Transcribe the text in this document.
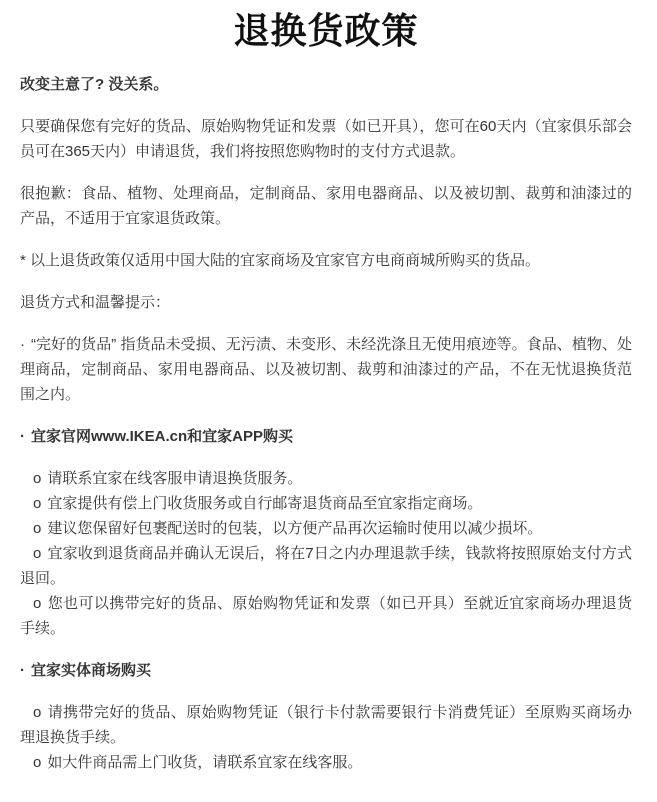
退换货政策

改变主意了? 没关系。

只要确保您有完好的货品、原始购物凭证和发票（如已开具），您可在60天内（宜家俱乐部会员可在365天内）申请退货，我们将按照您购物时的支付方式退款。

很抱歉：食品、植物、处理商品，定制商品、家用电器商品、以及被切割、裁剪和油漆过的产品，不适用于宜家退货政策。

* 以上退货政策仅适用中国大陆的宜家商场及宜家官方电商商城所购买的货品。

退货方式和温馨提示：

· “完好的货品” 指货品未受损、无污渍、未变形、未经洗涤且无使用痕迹等。食品、植物、处理商品，定制商品、家用电器商品、以及被切割、裁剪和油漆过的产品，不在无忧退换货范围之内。

· 宜家官网www.IKEA.cn和宜家APP购买

o 请联系宜家在线客服申请退换货服务。

o 宜家提供有偿上门收货服务或自行邮寄退货商品至宜家指定商场。

o 建议您保留好包裹配送时的包装，以方便产品再次运输时使用以减少损坏。

o 宜家收到退货商品并确认无误后，将在7日之内办理退款手续，钱款将按照原始支付方式退回。

o 您也可以携带完好的货品、原始购物凭证和发票（如已开具）至就近宜家商场办理退货手续。

· 宜家实体商场购买

o 请携带完好的货品、原始购物凭证（银行卡付款需要银行卡消费凭证）至原购买商场办理退换货手续。

o 如大件商品需上门收货，请联系宜家在线客服。
